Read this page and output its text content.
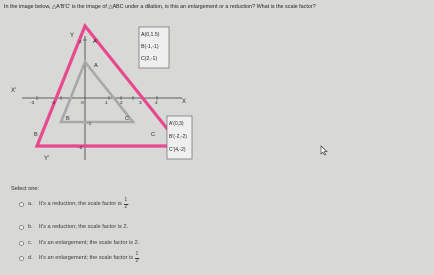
In the image below, △A'B'C' is the image of △ABC under a dilation, is this an enlargement or a reduction? What is the scale factor?
Y
X
X'
Y'
-3	-2	0	1	2	3	4
2
-1
-2
A'
A
B	C
B	C
A(0,1.5)
B(-1,-1)
C(2,-1)
A'(0,3)
B'(-2,-2)
C'(4,-2)
Select one:
a.	It's a reduction; the scale factor is $\frac{1}{2}$ .
b.	It's a reduction; the scale factor is 2.
c.	It's an enlargement; the scale factor is 2.
d.	It's an enlargement; the scale factor is $\frac{1}{2}$ .
